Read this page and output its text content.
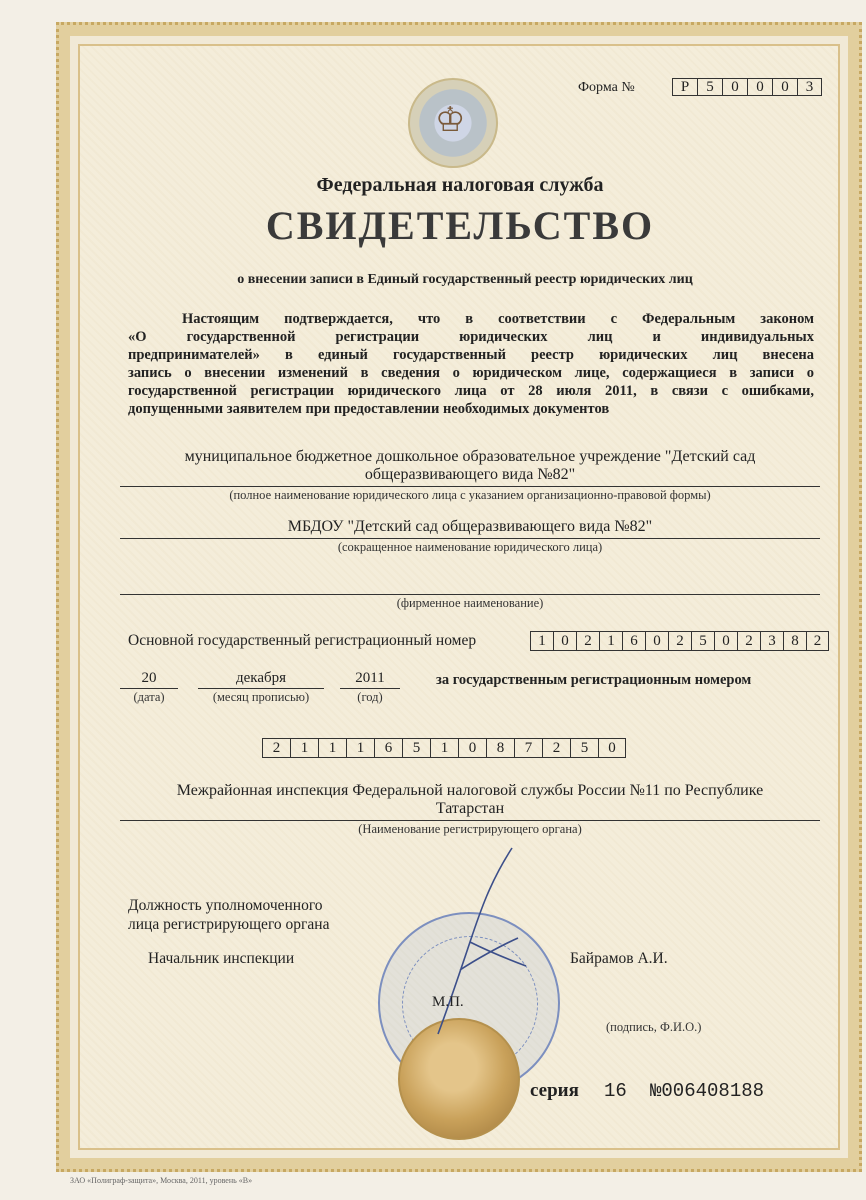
Форма №	Р	5	0	0	0	3
♔
Федеральная налоговая служба
СВИДЕТЕЛЬСТВО
о внесении записи в Единый государственный реестр юридических лиц
Настоящим подтверждается, что в соответствии с Федеральным законом
«О государственной регистрации юридических лиц и индивидуальных
предпринимателей» в единый государственный реестр юридических лиц внесена
запись о внесении изменений в сведения о юридическом лице, содержащиеся в записи о
государственной регистрации юридического лица от 28 июля 2011, в связи с ошибками,
допущенными заявителем при предоставлении необходимых документов
муниципальное бюджетное дошкольное образовательное учреждение "Детский сад
общеразвивающего вида №82"
(полное наименование юридического лица с указанием организационно-правовой формы)
МБДОУ "Детский сад общеразвивающего вида №82"
(сокращенное наименование юридического лица)
(фирменное наименование)
Основной государственный регистрационный номер	1	0	2	1	6	0	2	5	0	2	3	8	2
20
(дата)
декабря
(месяц прописью)
2011
(год)
за государственным регистрационным номером
2	1	1	1	6	5	1	0	8	7	2	5	0
Межрайонная инспекция Федеральной налоговой службы России №11 по Республике
Татарстан
(Наименование регистрирующего органа)
Должность уполномоченного
лица регистрирующего органа
Начальник инспекции	Байрамов А.И.
М.П.
(подпись, Ф.И.О.)
серия 16 №006408188
ЗАО «Полиграф-защита», Москва, 2011, уровень «В»
